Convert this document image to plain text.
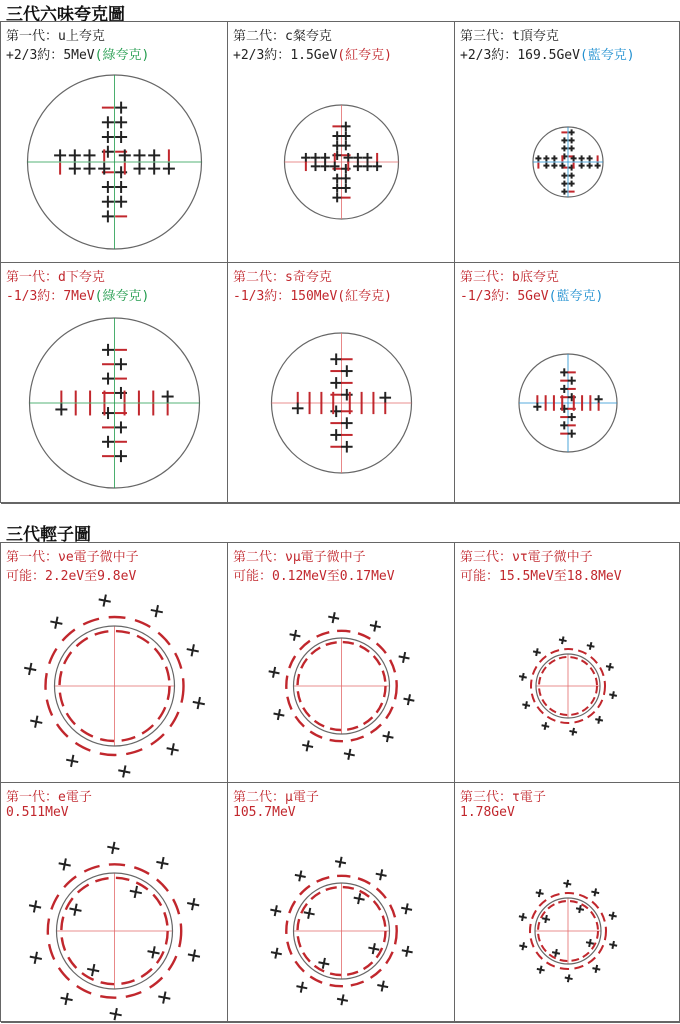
三代六味夸克圖
第一代：u上夸克
+2/3約：5MeV(綠夸克)
第二代：c粲夸克
+2/3約：1.5GeV(紅夸克)
第三代：t頂夸克
+2/3約：169.5GeV(藍夸克)
第一代：d下夸克
-1/3約：7MeV(綠夸克)
第二代：s奇夸克
-1/3約：150MeV(紅夸克)
第三代：b底夸克
-1/3約：5GeV(藍夸克)
三代輕子圖
第一代：νe電子微中子
可能：2.2eV至9.8eV
第二代：νμ電子微中子
可能：0.12MeV至0.17MeV
第三代：ντ電子微中子
可能：15.5MeV至18.8MeV
第一代：e電子
0.511MeV
第二代：μ電子
105.7MeV
第三代：τ電子
1.78GeV
